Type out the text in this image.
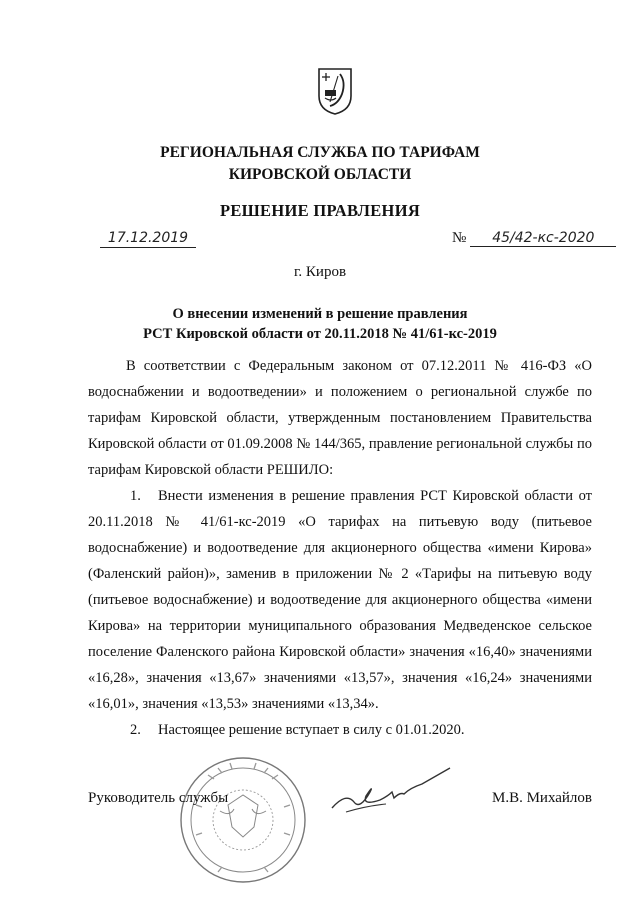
РЕГИОНАЛЬНАЯ СЛУЖБА ПО ТАРИФАМ
КИРОВСКОЙ ОБЛАСТИ
РЕШЕНИЕ ПРАВЛЕНИЯ
17.12.2019	№ 45/42-кс-2020
г. Киров
О внесении изменений в решение правления
РСТ Кировской области от 20.11.2018 № 41/61-кс-2019

В соответствии с Федеральным законом от 07.12.2011 № 416-ФЗ «О водоснабжении и водоотведении» и положением о региональной службе по тарифам Кировской области, утвержденным постановлением Правительства Кировской области от 01.09.2008 № 144/365, правление региональной службы по тарифам Кировской области РЕШИЛО:

1. Внести изменения в решение правления РСТ Кировской области от 20.11.2018 № 41/61-кс-2019 «О тарифах на питьевую воду (питьевое водоснабжение) и водоотведение для акционерного общества «имени Кирова» (Фаленский район)», заменив в приложении № 2 «Тарифы на питьевую воду (питьевое водоснабжение) и водоотведение для акционерного общества «имени Кирова» на территории муниципального образования Медведенское сельское поселение Фаленского района Кировской области» значения «16,40» значениями «16,28», значения «13,67» значениями «13,57», значения «16,24» значениями «16,01», значения «13,53» значениями «13,34».

2. Настоящее решение вступает в силу с 01.01.2020.

Руководитель службы	М.В. Михайлов
